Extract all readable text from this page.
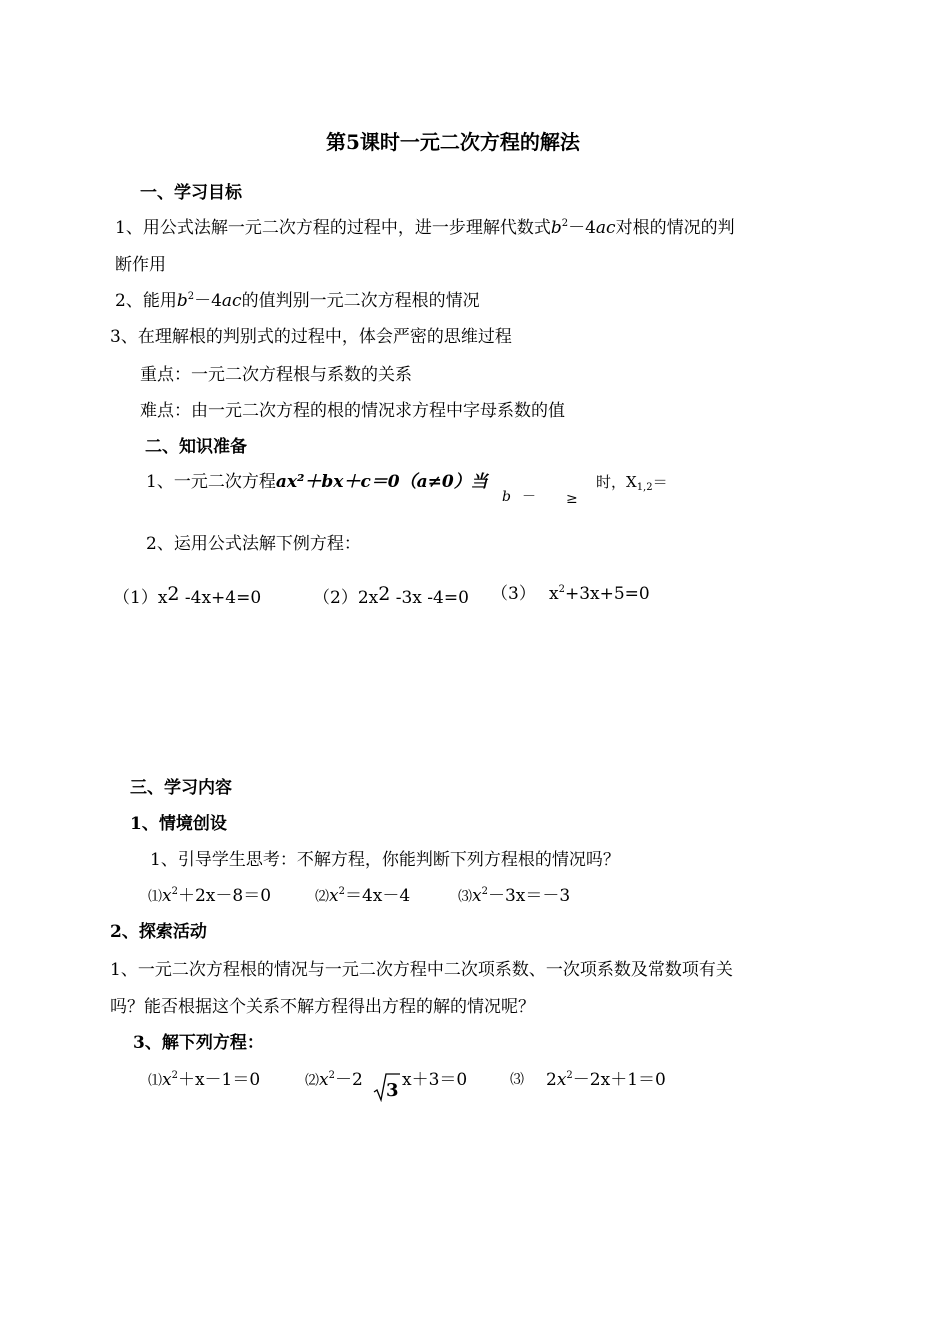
第5课时一元二次方程的解法
一、学习目标
1、用公式法解一元二次方程的过程中，进一步理解代数式$b^2-4ac$对根的情况的判
断作用
2、能用$b^2-4ac$的值判别一元二次方程根的情况
3、在理解根的判别式的过程中，体会严密的思维过程
重点：一元二次方程根与系数的关系
难点：由一元二次方程的根的情况求方程中字母系数的值
二、知识准备
1、一元二次方程ax²＋bx＋c＝0（a≠0）当
b － ≥
时，$X_{1,2}=$
2、运用公式法解下例方程：
（1）x2 -4x+4=0	（2）2x2 -3x -4=0 （3） $x^2+3x+5=0$
三、学习内容
1、情境创设
1、引导学生思考：不解方程，你能判断下列方程根的情况吗？
$⑴x^2+2x-8=0$	$⑵x^2=4x-4$	$⑶x^2-3x=-3$
2、探索活动
1、一元二次方程根的情况与一元二次方程中二次项系数、一次项系数及常数项有关
吗？能否根据这个关系不解方程得出方程的解的情况呢？
3、解下列方程：
$⑴x^2+x-1=0$	$⑵x^2-2$ 3 x＋3＝0	⑶ $2x^2-2x+1=0$
